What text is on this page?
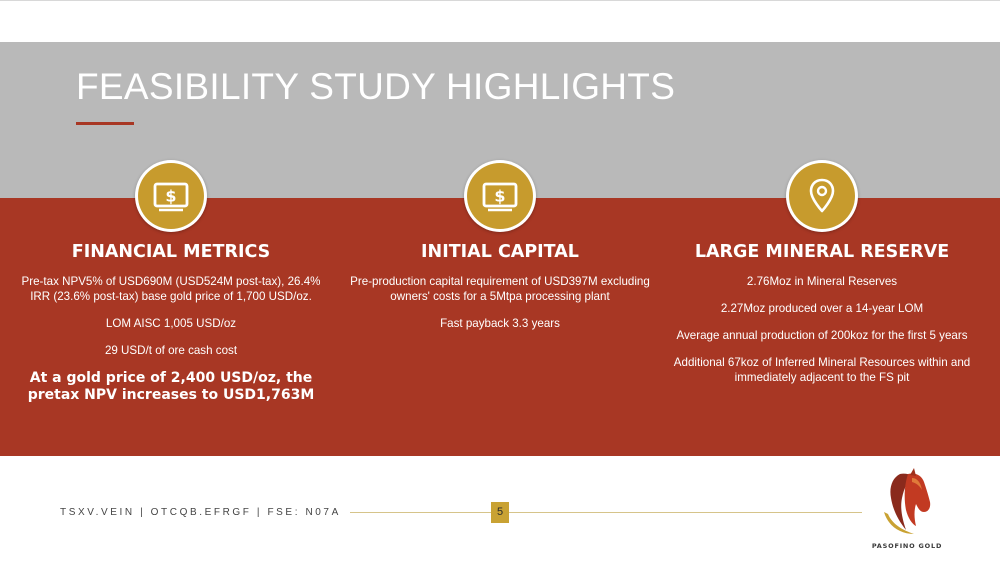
FEASIBILITY STUDY HIGHLIGHTS
$
FINANCIAL METRICS

Pre-tax NPV5% of USD690M (USD524M post-tax), 26.4% IRR (23.6% post-tax) base gold price of 1,700 USD/oz.

LOM AISC 1,005 USD/oz

29 USD/t of ore cash cost

At a gold price of 2,400 USD/oz, the pretax NPV increases to USD1,763M

$
INITIAL CAPITAL

Pre-production capital requirement of USD397M excluding owners' costs for a 5Mtpa processing plant

Fast payback 3.3 years

LARGE MINERAL RESERVE

2.76Moz in Mineral Reserves

2.27Moz produced over a 14-year LOM

Average annual production of 200koz for the first 5 years

Additional 67koz of Inferred Mineral Resources within and immediately adjacent to the FS pit

TSXV.VEIN | OTCQB.EFRGF | FSE: N07A	5
PASOFINO GOLD
